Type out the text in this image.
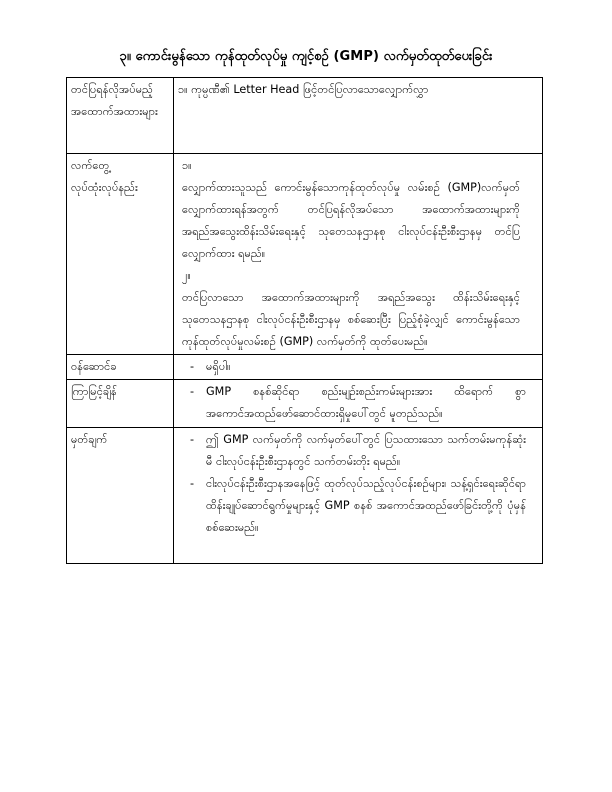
၃။ ကောင်းမွန်သော ကုန်ထုတ်လုပ်မှု ကျင့်စဉ် (GMP) လက်မှတ်ထုတ်ပေးခြင်း
တင်ပြရန်လိုအပ်မည့်အထောက်အထားများ	၁။ ကုမ္ပဏီ၏ Letter Head ဖြင့်တင်ပြလာသောလျှောက်လွှာ
လက်တွေ့လုပ်ထုံးလုပ်နည်း	၁။လျှောက်ထားသူသည် ကောင်းမွန်သောကုန်ထုတ်လုပ်မှု လမ်းစဉ် (GMP)လက်မှတ် လျှောက်ထားရန်အတွက် တင်ပြရန်လိုအပ်သော အထောက်အထားများကို အရည်အသွေးထိန်းသိမ်းရေးနှင့် သုတေသနဌာနစု ငါးလုပ်ငန်းဦးစီးဌာနမှ တင်ပြလျှောက်ထား ရမည်။
၂။တင်ပြလာသော အထောက်အထားများကို အရည်အသွေး ထိန်းသိမ်းရေးနှင့် သုတေသနဌာနစု ငါးလုပ်ငန်းဦးစီးဌာနမှ စစ်ဆေးပြီး ပြည့်စုံခဲ့လျှင် ကောင်းမွန်သော ကုန်ထုတ်လုပ်မှုလမ်းစဉ် (GMP) လက်မှတ်ကို ထုတ်ပေးမည်။

ဝန်ဆောင်ခ	- မရှိပါ။
ကြာမြင့်ချိန်	- GMP စနစ်ဆိုင်ရာ စည်းမျဉ်းစည်းကမ်းများအား ထိရောက် စွာ အကောင်အထည်ဖော်ဆောင်ထားရှိမှုပေါ်တွင် မူတည်သည်။
မှတ်ချက်	- ဤ GMP လက်မှတ်ကို လက်မှတ်ပေါ်တွင် ပြသထားသော သက်တမ်းမကုန်ဆုံးမီ ငါးလုပ်ငန်းဦးစီးဌာနတွင် သက်တမ်းတိုး ရမည်။
- ငါးလုပ်ငန်းဦးစီးဌာနအနေဖြင့် ထုတ်လုပ်သည့်လုပ်ငန်းစဉ်များ၊ သန့်ရှင်းရေးဆိုင်ရာ ထိန်းချုပ်ဆောင်ရွက်မှုများနှင့် GMP စနစ် အကောင်အထည်ဖော်ခြင်းတို့ကို ပုံမှန်စစ်ဆေးမည်။
